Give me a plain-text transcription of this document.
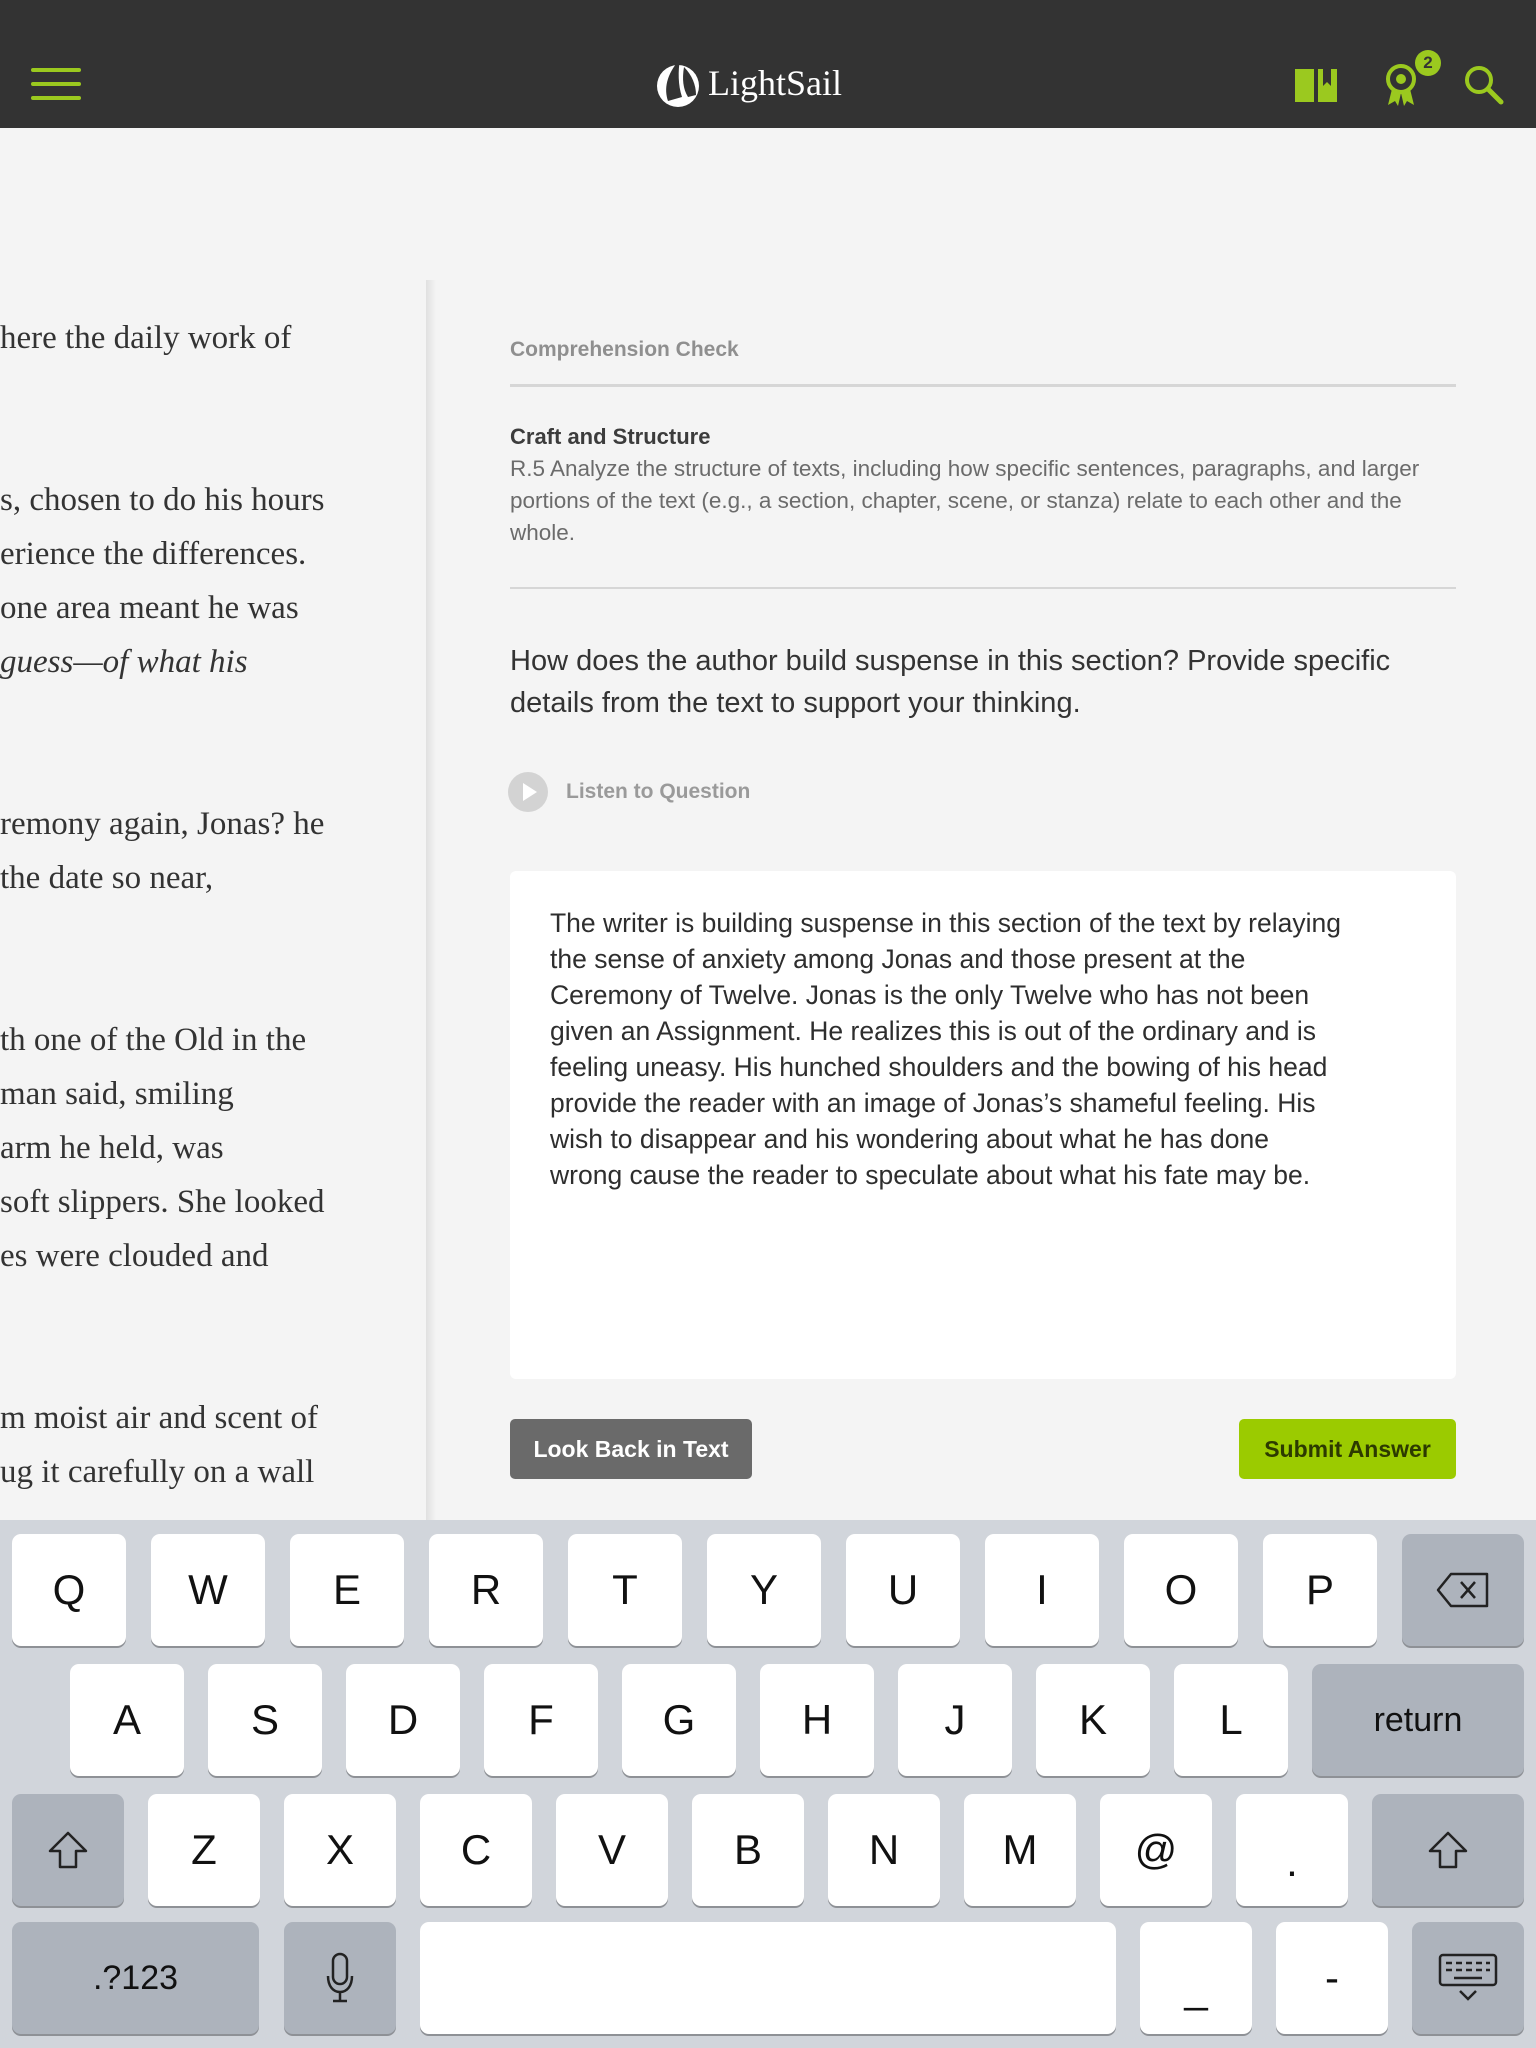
LightSail
2
here the daily work of
s, chosen to do his hours
erience the differences.
one area meant he was
guess—of what his
remony again, Jonas? he
the date so near,
th one of the Old in the
man said, smiling
arm he held, was
soft slippers. She looked
es were clouded and
m moist air and scent of
ug it carefully on a wall
Comprehension Check
Craft and Structure
R.5 Analyze the structure of texts, including how specific sentences, paragraphs, and larger portions of the text (e.g., a section, chapter, scene, or stanza) relate to each other and the whole.
How does the author build suspense in this section? Provide specific details from the text to support your thinking.
Listen to Question
The writer is building suspense in this section of the text by relaying
the sense of anxiety among Jonas and those present at the
Ceremony of Twelve. Jonas is the only Twelve who has not been
given an Assignment. He realizes this is out of the ordinary and is
feeling uneasy. His hunched shoulders and the bowing of his head
provide the reader with an image of Jonas’s shameful feeling. His
wish to disappear and his wondering about what he has done
wrong cause the reader to speculate about what his fate may be.
Look Back in Text	Submit Answer
Q W	E	R	T	Y	U	I	O	P
A	S	D	F	G	H	J	K	L	return
Z	X	C	V	B	N M @	.
.?123	_	-
